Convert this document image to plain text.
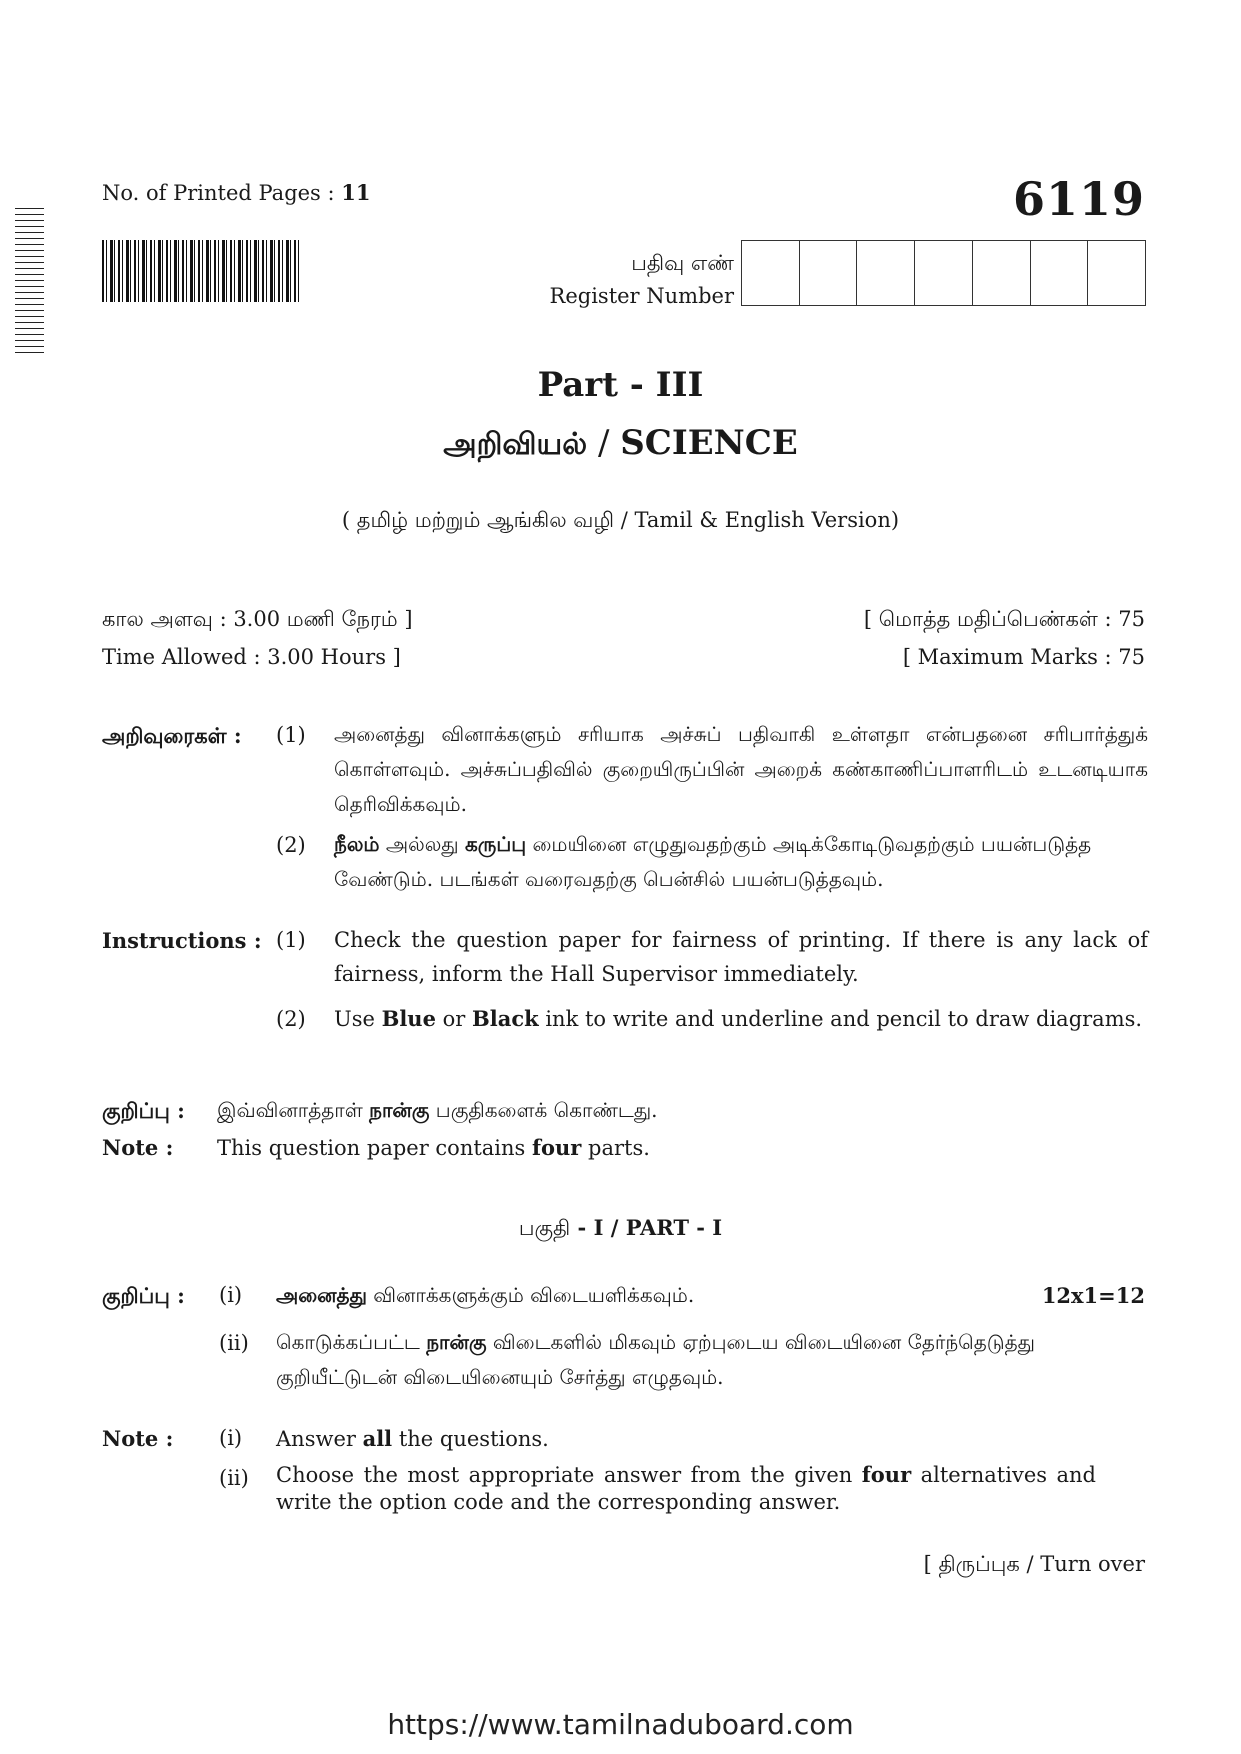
No. of Printed Pages : 11	6119
பதிவு எண்
Register Number
Part - III
அறிவியல் / SCIENCE
( தமிழ் மற்றும் ஆங்கில வழி / Tamil & English Version)
கால அளவு : 3.00 மணி நேரம் ]
Time Allowed : 3.00 Hours ]
[ மொத்த மதிப்பெண்கள் : 75
[ Maximum Marks : 75
அறிவுரைகள் : (1) அனைத்து வினாக்களும் சரியாக அச்சுப் பதிவாகி உள்ளதா என்பதனை சரிபார்த்துக் கொள்ளவும். அச்சுப்பதிவில் குறையிருப்பின் அறைக் கண்காணிப்பாளரிடம் உடனடியாக தெரிவிக்கவும்.
(2) நீலம் அல்லது கருப்பு மையினை எழுதுவதற்கும் அடிக்கோடிடுவதற்கும் பயன்படுத்த வேண்டும். படங்கள் வரைவதற்கு பென்சில் பயன்படுத்தவும்.
Instructions : (1) Check the question paper for fairness of printing. If there is any lack of fairness, inform the Hall Supervisor immediately.
(2) Use Blue or Black ink to write and underline and pencil to draw diagrams.
குறிப்பு : இவ்வினாத்தாள் நான்கு பகுதிகளைக் கொண்டது.
Note : This question paper contains four parts.
பகுதி - I / PART - I
குறிப்பு : (i) அனைத்து வினாக்களுக்கும் விடையளிக்கவும்.	12x1=12
(ii) கொடுக்கப்பட்ட நான்கு விடைகளில் மிகவும் ஏற்புடைய விடையினை தேர்ந்தெடுத்து குறியீட்டுடன் விடையினையும் சேர்த்து எழுதவும்.
Note : (i) Answer all the questions.
(ii) Choose the most appropriate answer from the given four alternatives and write the option code and the corresponding answer.
[ திருப்புக / Turn over
https://www.tamilnaduboard.com
